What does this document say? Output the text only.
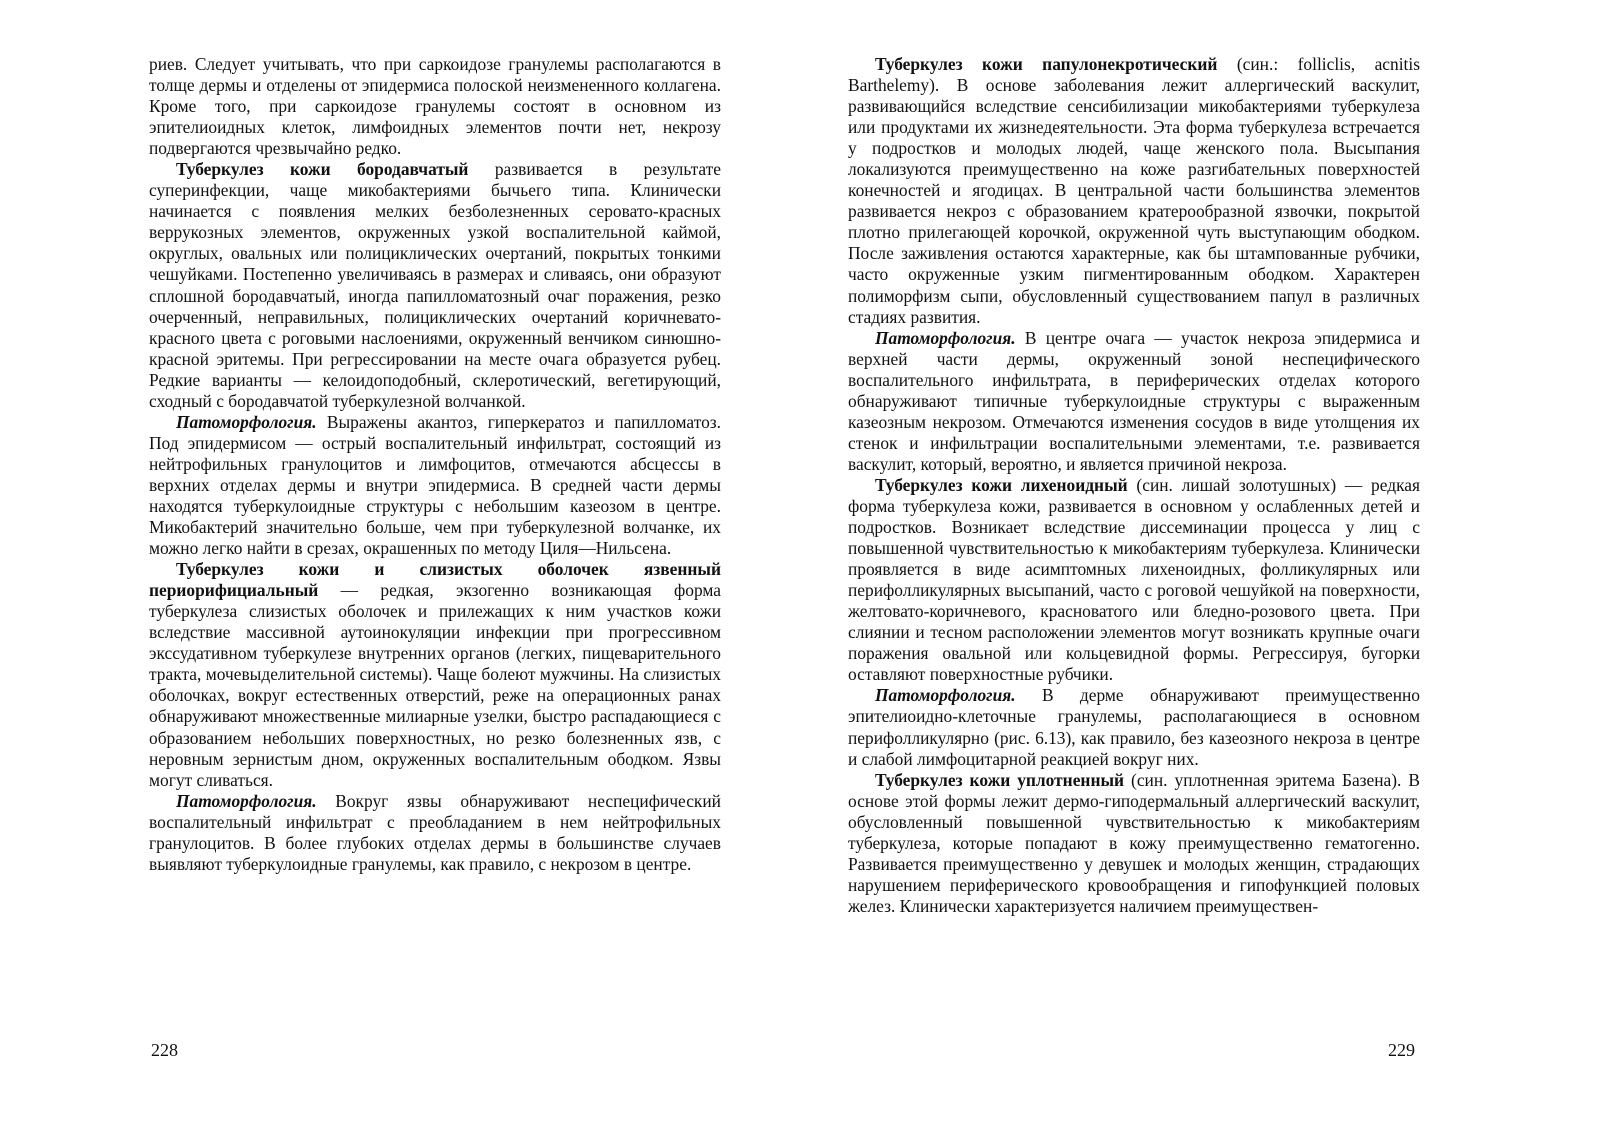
риев. Следует учитывать, что при саркоидозе гранулемы располагаются в толще дермы и отделены от эпидермиса полоской неизмененного коллагена. Кроме того, при саркоидозе гранулемы состоят в основном из эпителиоидных клеток, лимфоидных элементов почти нет, некрозу подвергаются чрезвычайно редко.

Туберкулез кожи бородавчатый развивается в результате суперинфекции, чаще микобактериями бычьего типа. Клинически начинается с появления мелких безболезненных серовато-красных веррукозных элементов, окруженных узкой воспалительной каймой, округлых, овальных или полициклических очертаний, покрытых тонкими чешуйками. Постепенно увеличиваясь в размерах и сливаясь, они образуют сплошной бородавчатый, иногда папилломатозный очаг поражения, резко очерченный, неправильных, полициклических очертаний коричневато-красного цвета с роговыми наслоениями, окруженный венчиком синюшно-красной эритемы. При регрессировании на месте очага образуется рубец. Редкие варианты — келоидоподобный, склеротический, вегетирующий, сходный с бородавчатой туберкулезной волчанкой.

Патоморфология. Выражены акантоз, гиперкератоз и папилломатоз. Под эпидермисом — острый воспалительный инфильтрат, состоящий из нейтрофильных гранулоцитов и лимфоцитов, отмечаются абсцессы в верхних отделах дермы и внутри эпидермиса. В средней части дермы находятся туберкулоидные структуры с небольшим казеозом в центре. Микобактерий значительно больше, чем при туберкулезной волчанке, их можно легко найти в срезах, окрашенных по методу Циля—Нильсена.

Туберкулез кожи и слизистых оболочек язвенный периорифициальный — редкая, экзогенно возникающая форма туберкулеза слизистых оболочек и прилежащих к ним участков кожи вследствие массивной аутоинокуляции инфекции при прогрессивном экссудативном туберкулезе внутренних органов (легких, пищеварительного тракта, мочевыделительной системы). Чаще болеют мужчины. На слизистых оболочках, вокруг естественных отверстий, реже на операционных ранах обнаруживают множественные милиарные узелки, быстро распадающиеся с образованием небольших поверхностных, но резко болезненных язв, с неровным зернистым дном, окруженных воспалительным ободком. Язвы могут сливаться.

Патоморфология. Вокруг язвы обнаруживают неспецифический воспалительный инфильтрат с преобладанием в нем нейтрофильных гранулоцитов. В более глубоких отделах дермы в большинстве случаев выявляют туберкулоидные гранулемы, как правило, с некрозом в центре.

228

Туберкулез кожи папулонекротический (син.: folliclis, acnitis Barthelemy). В основе заболевания лежит аллергический васкулит, развивающийся вследствие сенсибилизации микобактериями туберкулеза или продуктами их жизнедеятельности. Эта форма туберкулеза встречается у подростков и молодых людей, чаще женского пола. Высыпания локализуются преимущественно на коже разгибательных поверхностей конечностей и ягодицах. В центральной части большинства элементов развивается некроз с образованием кратерообразной язвочки, покрытой плотно прилегающей корочкой, окруженной чуть выступающим ободком. После заживления остаются характерные, как бы штампованные рубчики, часто окруженные узким пигментированным ободком. Характерен полиморфизм сыпи, обусловленный существованием папул в различных стадиях развития.

Патоморфология. В центре очага — участок некроза эпидермиса и верхней части дермы, окруженный зоной неспецифического воспалительного инфильтрата, в периферических отделах которого обнаруживают типичные туберкулоидные структуры с выраженным казеозным некрозом. Отмечаются изменения сосудов в виде утолщения их стенок и инфильтрации воспалительными элементами, т.е. развивается васкулит, который, вероятно, и является причиной некроза.

Туберкулез кожи лихеноидный (син. лишай золотушных) — редкая форма туберкулеза кожи, развивается в основном у ослабленных детей и подростков. Возникает вследствие диссеминации процесса у лиц с повышенной чувствительностью к микобактериям туберкулеза. Клинически проявляется в виде асимптомных лихеноидных, фолликулярных или перифолликулярных высыпаний, часто с роговой чешуйкой на поверхности, желтовато-коричневого, красноватого или бледно-розового цвета. При слиянии и тесном расположении элементов могут возникать крупные очаги поражения овальной или кольцевидной формы. Регрессируя, бугорки оставляют поверхностные рубчики.

Патоморфология. В дерме обнаруживают преимущественно эпителиоидно-клеточные гранулемы, располагающиеся в основном перифолликулярно (рис. 6.13), как правило, без казеозного некроза в центре и слабой лимфоцитарной реакцией вокруг них.

Туберкулез кожи уплотненный (син. уплотненная эритема Базена). В основе этой формы лежит дермо-гиподермальный аллергический васкулит, обусловленный повышенной чувствительностью к микобактериям туберкулеза, которые попадают в кожу преимущественно гематогенно. Развивается преимущественно у девушек и молодых женщин, страдающих нарушением периферического кровообращения и гипофункцией половых желез. Клинически характеризуется наличием преимуществен-

229
